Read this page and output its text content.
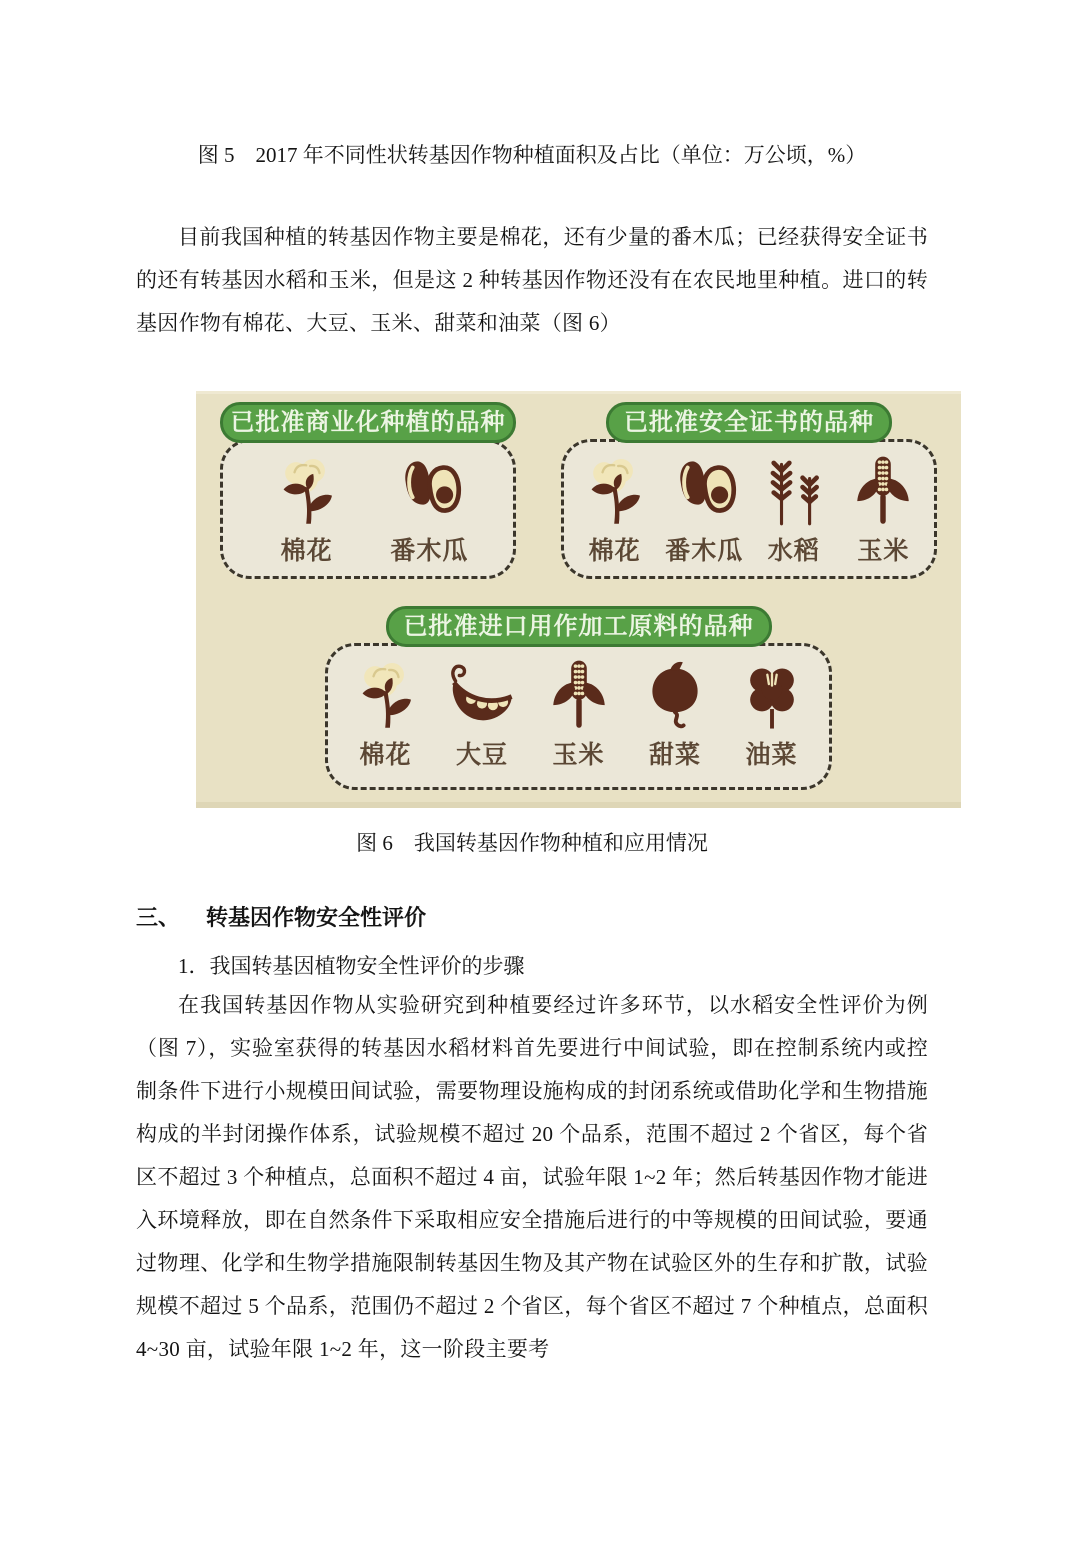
图 5　2017 年不同性状转基因作物种植面积及占比（单位：万公顷，%）

目前我国种植的转基因作物主要是棉花，还有少量的番木瓜；已经获得安全证书的还有转基因水稻和玉米，但是这 2 种转基因作物还没有在农民地里种植。进口的转基因作物有棉花、大豆、玉米、甜菜和油菜（图 6）

已批准商业化种植的品种
棉花 番木瓜
已批准安全证书的品种
棉花 番木瓜 水稻 玉米
已批准进口用作加工原料的品种
棉花 大豆 玉米 甜菜 油菜
图 6　我国转基因作物种植和应用情况
三、 转基因作物安全性评价
1．我国转基因植物安全性评价的步骤

在我国转基因作物从实验研究到种植要经过许多环节，以水稻安全性评价为例（图 7），实验室获得的转基因水稻材料首先要进行中间试验，即在控制系统内或控制条件下进行小规模田间试验，需要物理设施构成的封闭系统或借助化学和生物措施构成的半封闭操作体系，试验规模不超过 20 个品系，范围不超过 2 个省区，每个省区不超过 3 个种植点，总面积不超过 4 亩，试验年限 1~2 年；然后转基因作物才能进入环境释放，即在自然条件下采取相应安全措施后进行的中等规模的田间试验，要通过物理、化学和生物学措施限制转基因生物及其产物在试验区外的生存和扩散，试验规模不超过 5 个品系，范围仍不超过 2 个省区，每个省区不超过 7 个种植点，总面积 4~30 亩，试验年限 1~2 年，这一阶段主要考
